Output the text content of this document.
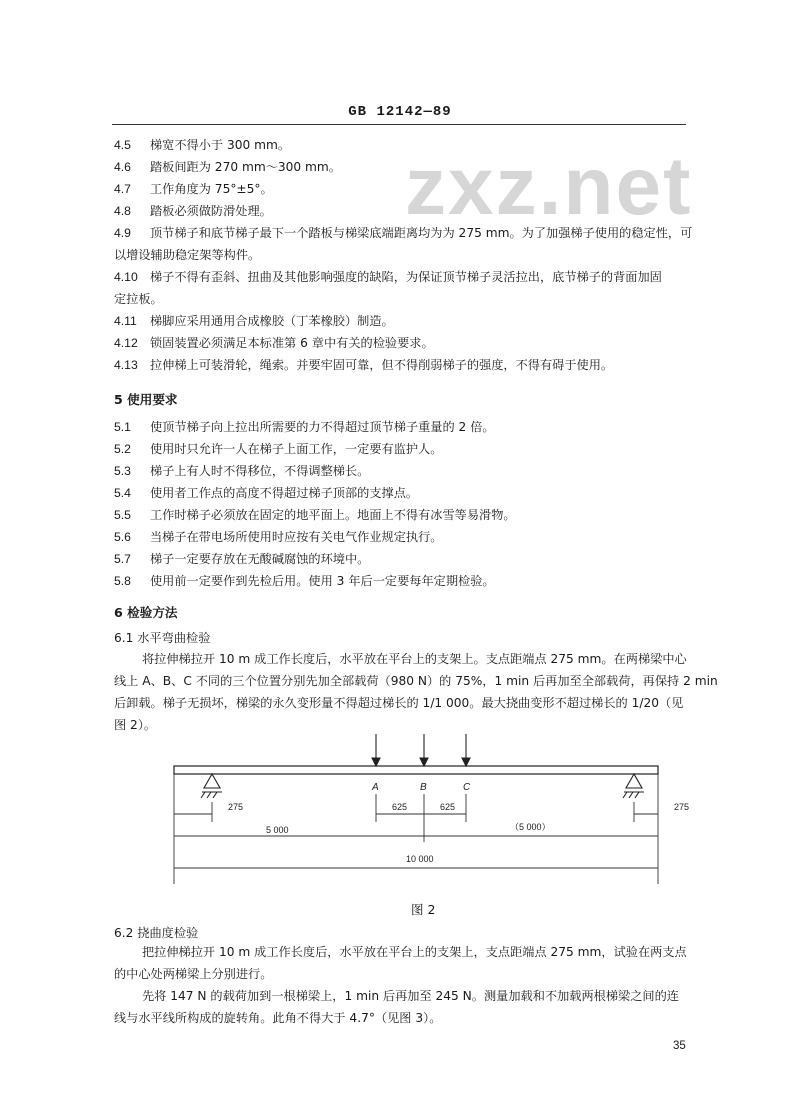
GB 12142—89
zxz.net
4.5 梯宽不得小于 300 mm。
4.6 踏板间距为 270 mm～300 mm。
4.7 工作角度为 75°±5°。
4.8 踏板必须做防滑处理。
4.9 顶节梯子和底节梯子最下一个踏板与梯梁底端距离均为为 275 mm。为了加强梯子使用的稳定性，可
以增设辅助稳定架等构件。
4.10 梯子不得有歪斜、扭曲及其他影响强度的缺陷，为保证顶节梯子灵活拉出，底节梯子的背面加固
定拉板。
4.11 梯脚应采用通用合成橡胶（丁苯橡胶）制造。
4.12 锁固装置必须满足本标准第 6 章中有关的检验要求。
4.13 拉伸梯上可装滑轮，绳索。并要牢固可靠，但不得削弱梯子的强度，不得有碍于使用。
5 使用要求
5.1 使顶节梯子向上拉出所需要的力不得超过顶节梯子重量的 2 倍。
5.2 使用时只允许一人在梯子上面工作，一定要有监护人。
5.3 梯子上有人时不得移位，不得调整梯长。
5.4 使用者工作点的高度不得超过梯子顶部的支撑点。
5.5 工作时梯子必须放在固定的地平面上。地面上不得有冰雪等易滑物。
5.6 当梯子在带电场所使用时应按有关电气作业规定执行。
5.7 梯子一定要存放在无酸碱腐蚀的环境中。
5.8 使用前一定要作到先检后用。使用 3 年后一定要每年定期检验。
6 检验方法
6.1 水平弯曲检验
将拉伸梯拉开 10 m 成工作长度后，水平放在平台上的支架上。支点距端点 275 mm。在两梯梁中心
线上 A、B、C 不同的三个位置分别先加全部载荷（980 N）的 75%，1 min 后再加至全部载荷，再保持 2 min
后卸载。梯子无损坏，梯梁的永久变形量不得超过梯长的 1/1 000。最大挠曲变形不超过梯长的 1/20（见
图 2）。
A	B	C
275	275
625	625
5 000	（5 000）
10 000
图 2
6.2 挠曲度检验
把拉伸梯拉开 10 m 成工作长度后，水平放在平台上的支架上，支点距端点 275 mm，试验在两支点
的中心处两梯梁上分别进行。
先将 147 N 的载荷加到一根梯梁上，1 min 后再加至 245 N。测量加载和不加载两根梯梁之间的连
线与水平线所构成的旋转角。此角不得大于 4.7°（见图 3）。
35
